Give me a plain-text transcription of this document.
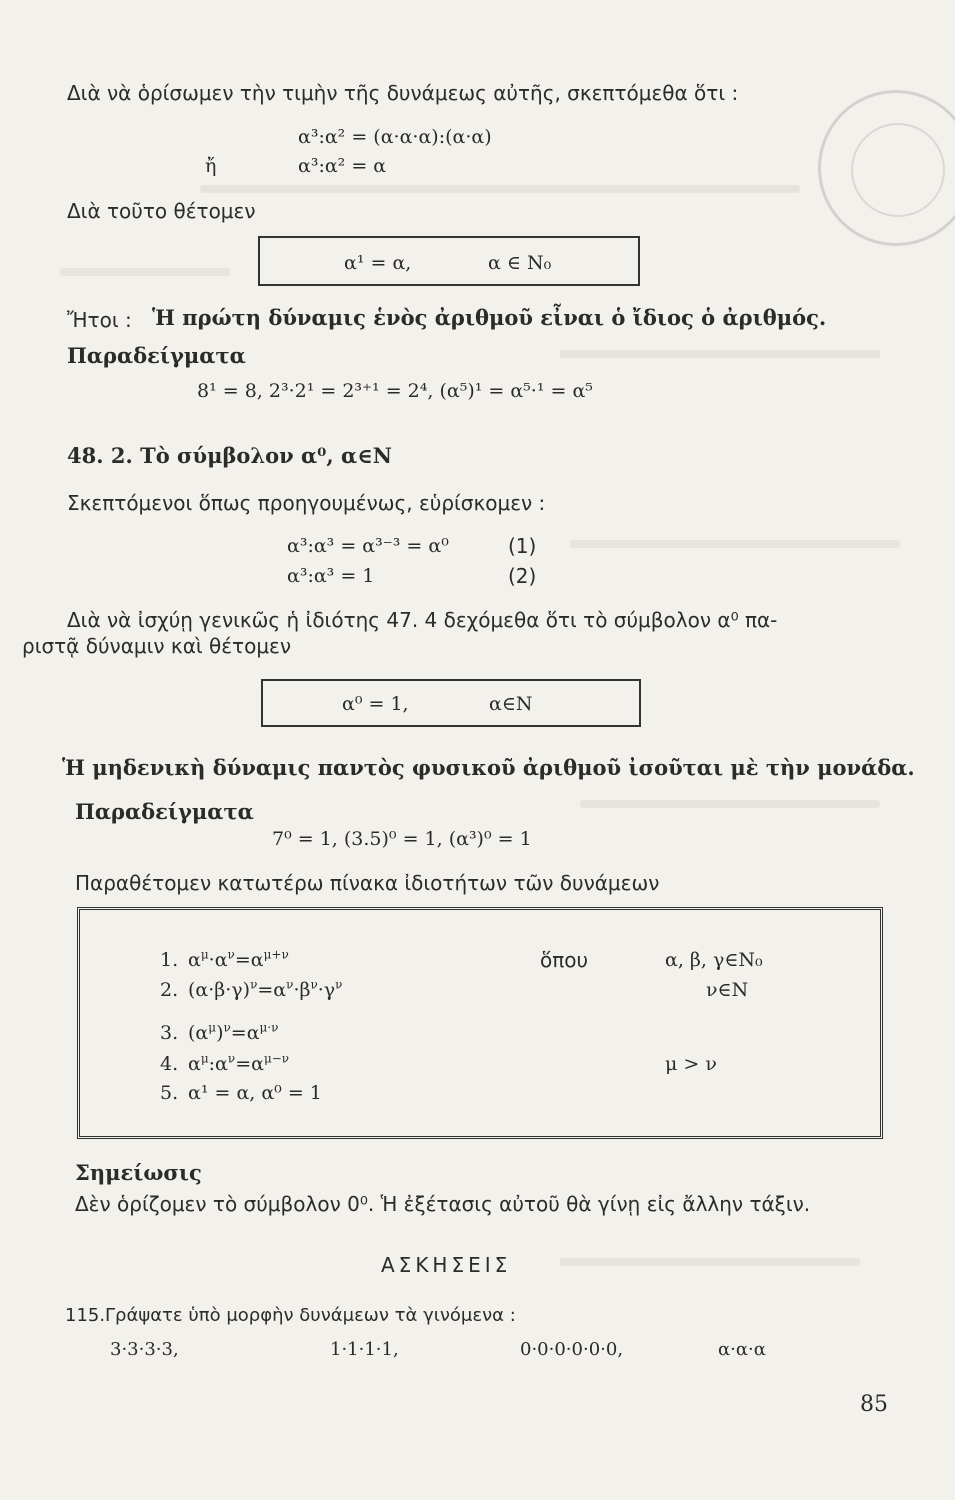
Διὰ νὰ ὁρίσωμεν τὴν τιμὴν τῆς δυνάμεως αὐτῆς, σκεπτόμεθα ὅτι :
α³:α² = (α·α·α):(α·α)
ἤ	α³:α² = α
Διὰ τοῦτο θέτομεν
α¹ = α,	α ∈ N₀
Ἤτοι : Ἡ πρώτη δύναμις ἑνὸς ἀριθμοῦ εἶναι ὁ ἴδιος ὁ ἀριθμός.
Παραδείγματα
8¹ = 8, 2³·2¹ = 2³⁺¹ = 2⁴, (α⁵)¹ = α⁵·¹ = α⁵
48. 2. Τὸ σύμβολον α⁰, α∈N
Σκεπτόμενοι ὅπως προηγουμένως, εὑρίσκομεν :
α³:α³ = α³⁻³ = α⁰	(1)
α³:α³ = 1	(2)
Διὰ νὰ ἰσχύῃ γενικῶς ἡ ἰδιότης 47. 4 δεχόμεθα ὅτι τὸ σύμβολον α⁰ πα-
ριστᾷ δύναμιν καὶ θέτομεν
α⁰ = 1,	α∈N
Ἡ μηδενικὴ δύναμις παντὸς φυσικοῦ ἀριθμοῦ ἰσοῦται μὲ τὴν μονάδα.
Παραδείγματα
7⁰ = 1, (3.5)⁰ = 1, (α³)⁰ = 1
Παραθέτομεν κατωτέρω πίνακα ἰδιοτήτων τῶν δυνάμεων
1. $\alpha^\mu\cdot\alpha^\nu=\alpha^{\mu+\nu}$	ὅπου	α, β, γ∈N₀
2. $(\alpha\cdot\beta\cdot\gamma)^\nu=\alpha^\nu\cdot\beta^\nu\cdot\gamma^\nu$	ν∈N
3. $(\alpha^\mu)^\nu=\alpha^{\mu\cdot\nu}$
4. $\alpha^\mu:\alpha^\nu=\alpha^{\mu-\nu}$	μ > ν
5. α¹ = α, α⁰ = 1
Σημείωσις
Δὲν ὁρίζομεν τὸ σύμβολον 0⁰. Ἡ ἐξέτασις αὐτοῦ θὰ γίνῃ εἰς ἄλλην τάξιν.
ΑΣΚΗΣΕΙΣ
115. Γράψατε ὑπὸ μορφὴν δυνάμεων τὰ γινόμενα :
3·3·3·3,	1·1·1·1,	0·0·0·0·0·0,	α·α·α
85
